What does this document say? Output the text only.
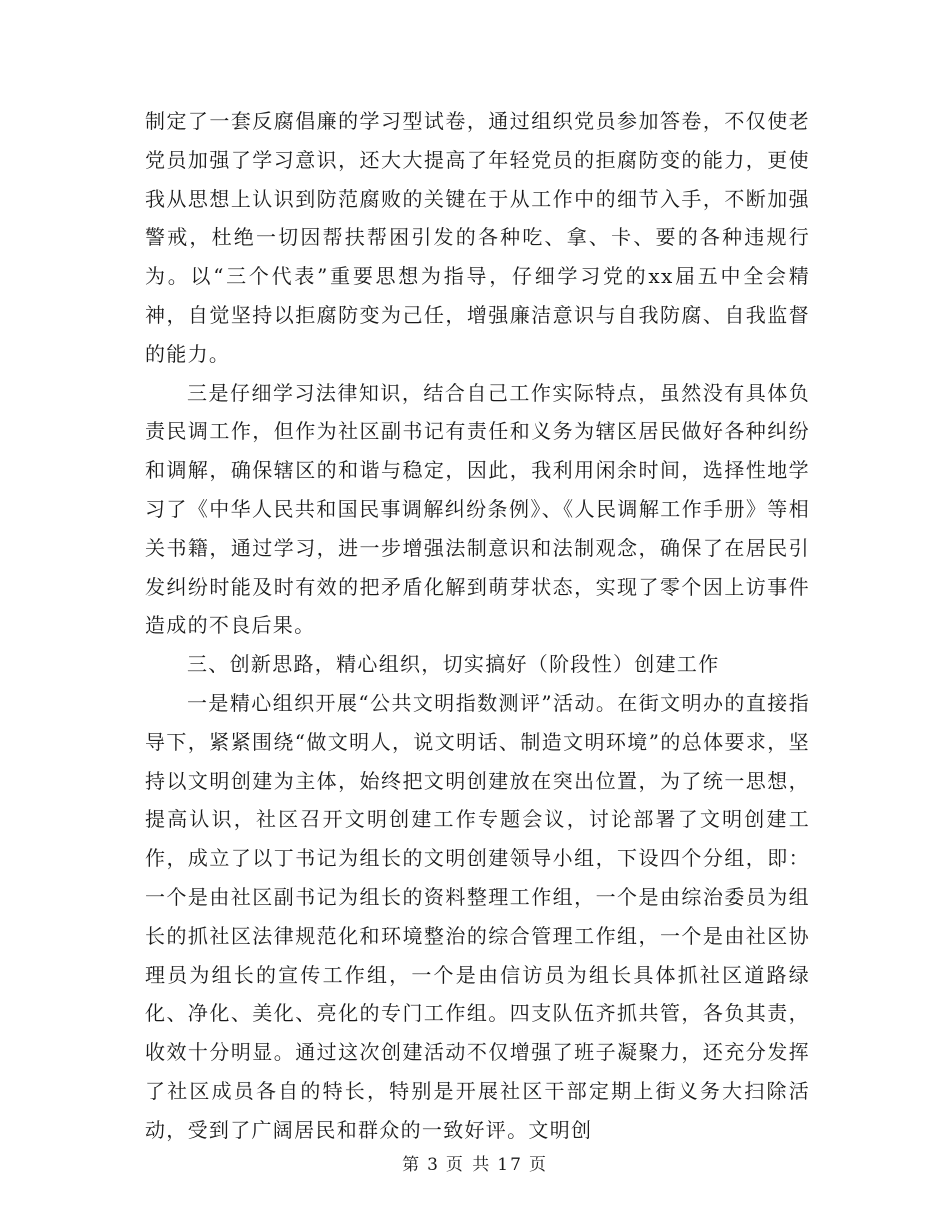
制定了一套反腐倡廉的学习型试卷，通过组织党员参加答卷，不仅使老党员加强了学习意识，还大大提高了年轻党员的拒腐防变的能力，更使我从思想上认识到防范腐败的关键在于从工作中的细节入手，不断加强警戒，杜绝一切因帮扶帮困引发的各种吃、拿、卡、要的各种违规行为。以“三个代表”重要思想为指导，仔细学习党的xx届五中全会精神，自觉坚持以拒腐防变为己任，增强廉洁意识与自我防腐、自我监督的能力。

三是仔细学习法律知识，结合自己工作实际特点，虽然没有具体负责民调工作，但作为社区副书记有责任和义务为辖区居民做好各种纠纷和调解，确保辖区的和谐与稳定，因此，我利用闲余时间，选择性地学习了《中华人民共和国民事调解纠纷条例》、《人民调解工作手册》等相关书籍，通过学习，进一步增强法制意识和法制观念，确保了在居民引发纠纷时能及时有效的把矛盾化解到萌芽状态，实现了零个因上访事件造成的不良后果。

三、创新思路，精心组织，切实搞好（阶段性）创建工作

一是精心组织开展“公共文明指数测评”活动。在街文明办的直接指导下，紧紧围绕“做文明人，说文明话、制造文明环境”的总体要求，坚持以文明创建为主体，始终把文明创建放在突出位置，为了统一思想，提高认识，社区召开文明创建工作专题会议，讨论部署了文明创建工作，成立了以丁书记为组长的文明创建领导小组，下设四个分组，即：一个是由社区副书记为组长的资料整理工作组，一个是由综治委员为组长的抓社区法律规范化和环境整治的综合管理工作组，一个是由社区协理员为组长的宣传工作组，一个是由信访员为组长具体抓社区道路绿化、净化、美化、亮化的专门工作组。四支队伍齐抓共管，各负其责，收效十分明显。通过这次创建活动不仅增强了班子凝聚力，还充分发挥了社区成员各自的特长，特别是开展社区干部定期上街义务大扫除活动，受到了广阔居民和群众的一致好评。文明创

第 3 页 共 17 页
